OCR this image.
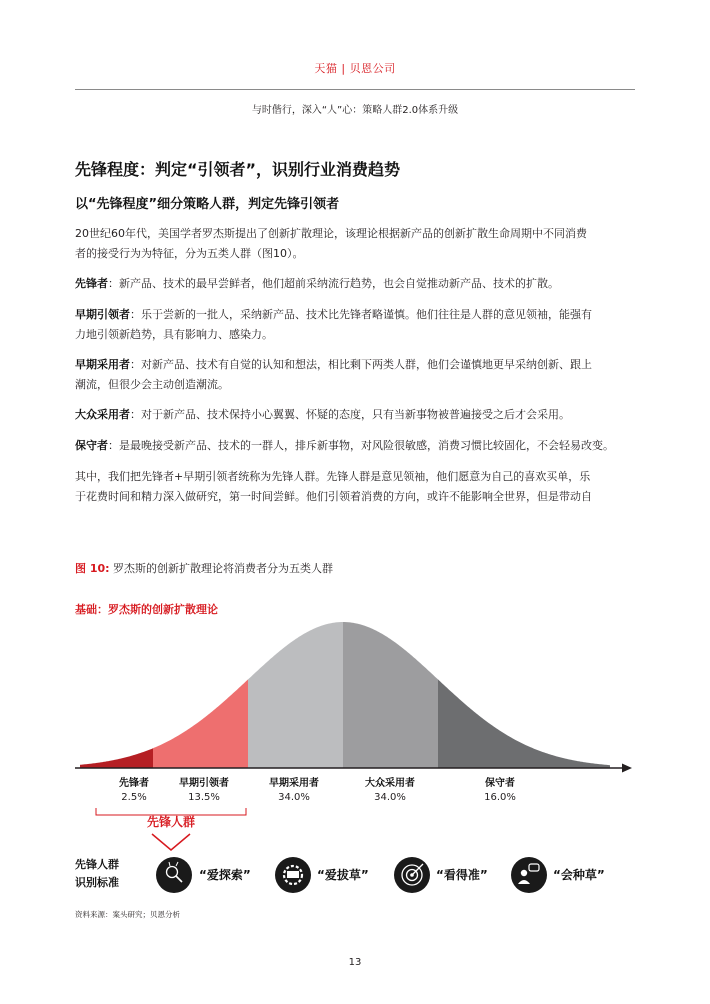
天猫 | 贝恩公司
与时偕行，深入“人”心：策略人群2.0体系升级
先锋程度：判定“引领者”，识别行业消费趋势
以“先锋程度”细分策略人群，判定先锋引领者
20世纪60年代，美国学者罗杰斯提出了创新扩散理论，该理论根据新产品的创新扩散生命周期中不同消费
者的接受行为为特征，分为五类人群（图10）。
先锋者：新产品、技术的最早尝鲜者，他们超前采纳流行趋势，也会自觉推动新产品、技术的扩散。
早期引领者：乐于尝新的一批人，采纳新产品、技术比先锋者略谨慎。他们往往是人群的意见领袖，能强有
力地引领新趋势，具有影响力、感染力。
早期采用者：对新产品、技术有自觉的认知和想法，相比剩下两类人群，他们会谨慎地更早采纳创新、跟上
潮流，但很少会主动创造潮流。
大众采用者：对于新产品、技术保持小心翼翼、怀疑的态度，只有当新事物被普遍接受之后才会采用。
保守者：是最晚接受新产品、技术的一群人，排斥新事物，对风险很敏感，消费习惯比较固化，不会轻易改变。
其中，我们把先锋者+早期引领者统称为先锋人群。先锋人群是意见领袖，他们愿意为自己的喜欢买单，乐
于花费时间和精力深入做研究，第一时间尝鲜。他们引领着消费的方向，或许不能影响全世界，但是带动自
图 10: 罗杰斯的创新扩散理论将消费者分为五类人群
基础：罗杰斯的创新扩散理论
先锋者
2.5%
早期引领者
13.5%
早期采用者
34.0%
大众采用者
34.0%
保守者
16.0%
先锋人群
先锋人群
识别标准
“爱探索”	“爱拔草”	“看得准”	“会种草”
资料来源：案头研究；贝恩分析
13
